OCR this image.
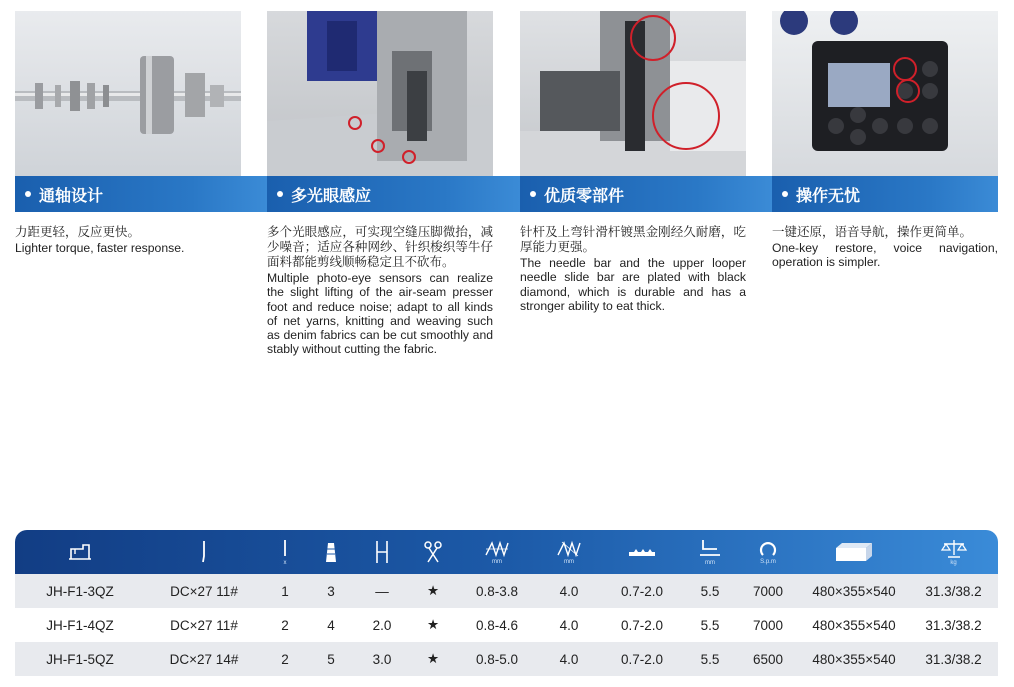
通轴设计	多光眼感应	优质零部件	操作无忧

力距更轻，反应更快。

Lighter torque, faster response.

多个光眼感应，可实现空缝压脚微抬，减少噪音；适应各种网纱、针织梭织等牛仔面料都能剪线顺畅稳定且不砍布。

Multiple photo-eye sensors can realize the slight lifting of the air-seam presser foot and reduce noise; adapt to all kinds of net yarns, knitting and weaving such as denim fabrics can be cut smoothly and stably without cutting the fabric.

针杆及上弯针滑杆镀黑金刚经久耐磨，吃厚能力更强。

The needle bar and the upper looper needle slide bar are plated with black diamond, which is durable and has a stronger ability to eat thick.

一键还原，语音导航，操作更简单。

One-key restore, voice navigation, operation is simpler.

x				mm	mm		mm	S.p.m		kg

JH-F1-3QZ	DC×27 11#	1	3	—	★	0.8-3.8	4.0	0.7-2.0	5.5	7000	480×355×540	31.3/38.2
JH-F1-4QZ	DC×27 11#	2	4	2.0	★	0.8-4.6	4.0	0.7-2.0	5.5	7000	480×355×540	31.3/38.2
JH-F1-5QZ	DC×27 14#	2	5	3.0	★	0.8-5.0	4.0	0.7-2.0	5.5	6500	480×355×540	31.3/38.2
